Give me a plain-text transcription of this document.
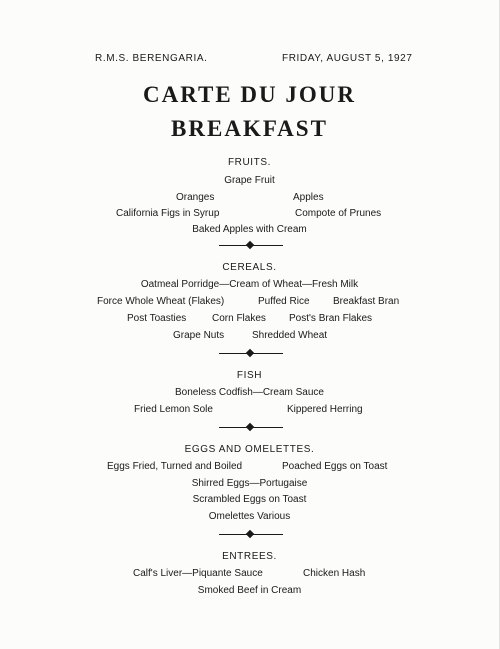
R.M.S. BERENGARIA.	FRIDAY, AUGUST 5, 1927
CARTE DU JOUR
BREAKFAST
FRUITS.
Grape Fruit
Oranges	Apples
California Figs in Syrup	Compote of Prunes
Baked Apples with Cream
CEREALS.
Oatmeal Porridge—Cream of Wheat—Fresh Milk
Force Whole Wheat (Flakes)	Puffed Rice Breakfast Bran
Post Toasties	Corn Flakes Post's Bran Flakes
Grape Nuts	Shredded Wheat
FISH
Boneless Codfish—Cream Sauce
Fried Lemon Sole	Kippered Herring
EGGS AND OMELETTES.
Eggs Fried, Turned and Boiled	Poached Eggs on Toast
Shirred Eggs—Portugaise
Scrambled Eggs on Toast
Omelettes Various
ENTREES.
Calf's Liver—Piquante Sauce	Chicken Hash
Smoked Beef in Cream
